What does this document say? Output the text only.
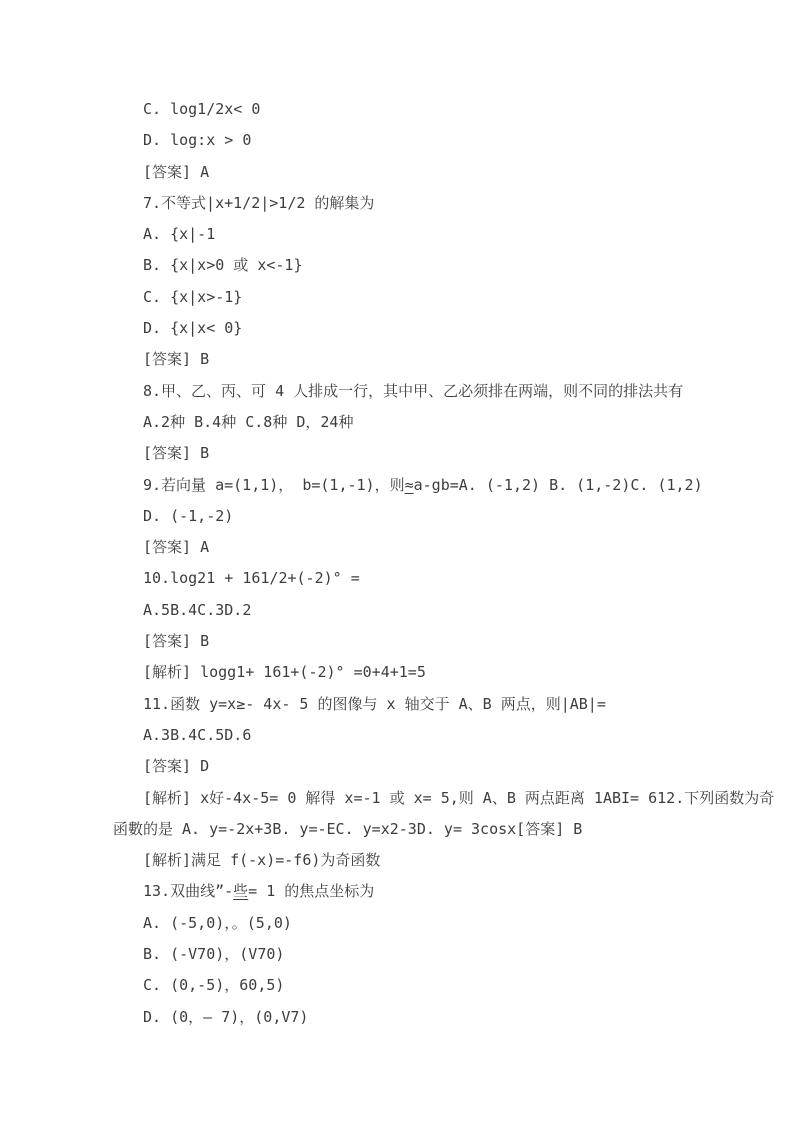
C. log1/2x< 0
D. log:x > 0
[答案] A
7.不等式|x+1/2|>1/2 的解集为
A. {x|-1
B. {x|x>0 或 x<-1}
C. {x|x>-1}
D. {x|x< 0}
[答案] B
8.甲、乙、丙、可 4 人排成一行，其中甲、乙必须排在两端，则不同的排法共有
A.2种 B.4种 C.8种 D，24种
[答案] B
9.若向量 a=(1,1)， b=(1,-1)，则≈a-gb=A. (-1,2) B. (1,-2)C. (1,2)
D. (-1,-2)
[答案] A
10.log21 + 161/2+(-2)° =
A.5B.4C.3D.2
[答案] B
[解析] logg1+ 161+(-2)° =0+4+1=5
11.函数 y=x≥- 4x- 5 的图像与 x 轴交于 A、B 两点，则|AB|=
A.3B.4C.5D.6
[答案] D
[解析] x好-4x-5= 0 解得 x=-1 或 x= 5,则 A、B 两点距离 1ABI= 612.下列函数为奇
函數的是 A. y=-2x+3B. y=-EC. y=x2-3D. y= 3cosx[答案] B
[解析]满足 f(-x)=-f6)为奇函数
13.双曲线”-些= 1 的焦点坐标为
A. (-5,0)，。(5,0)
B. (-V70)，(V70)
C. (0,-5)，60,5)
D. (0，— 7)，(0,V7)
